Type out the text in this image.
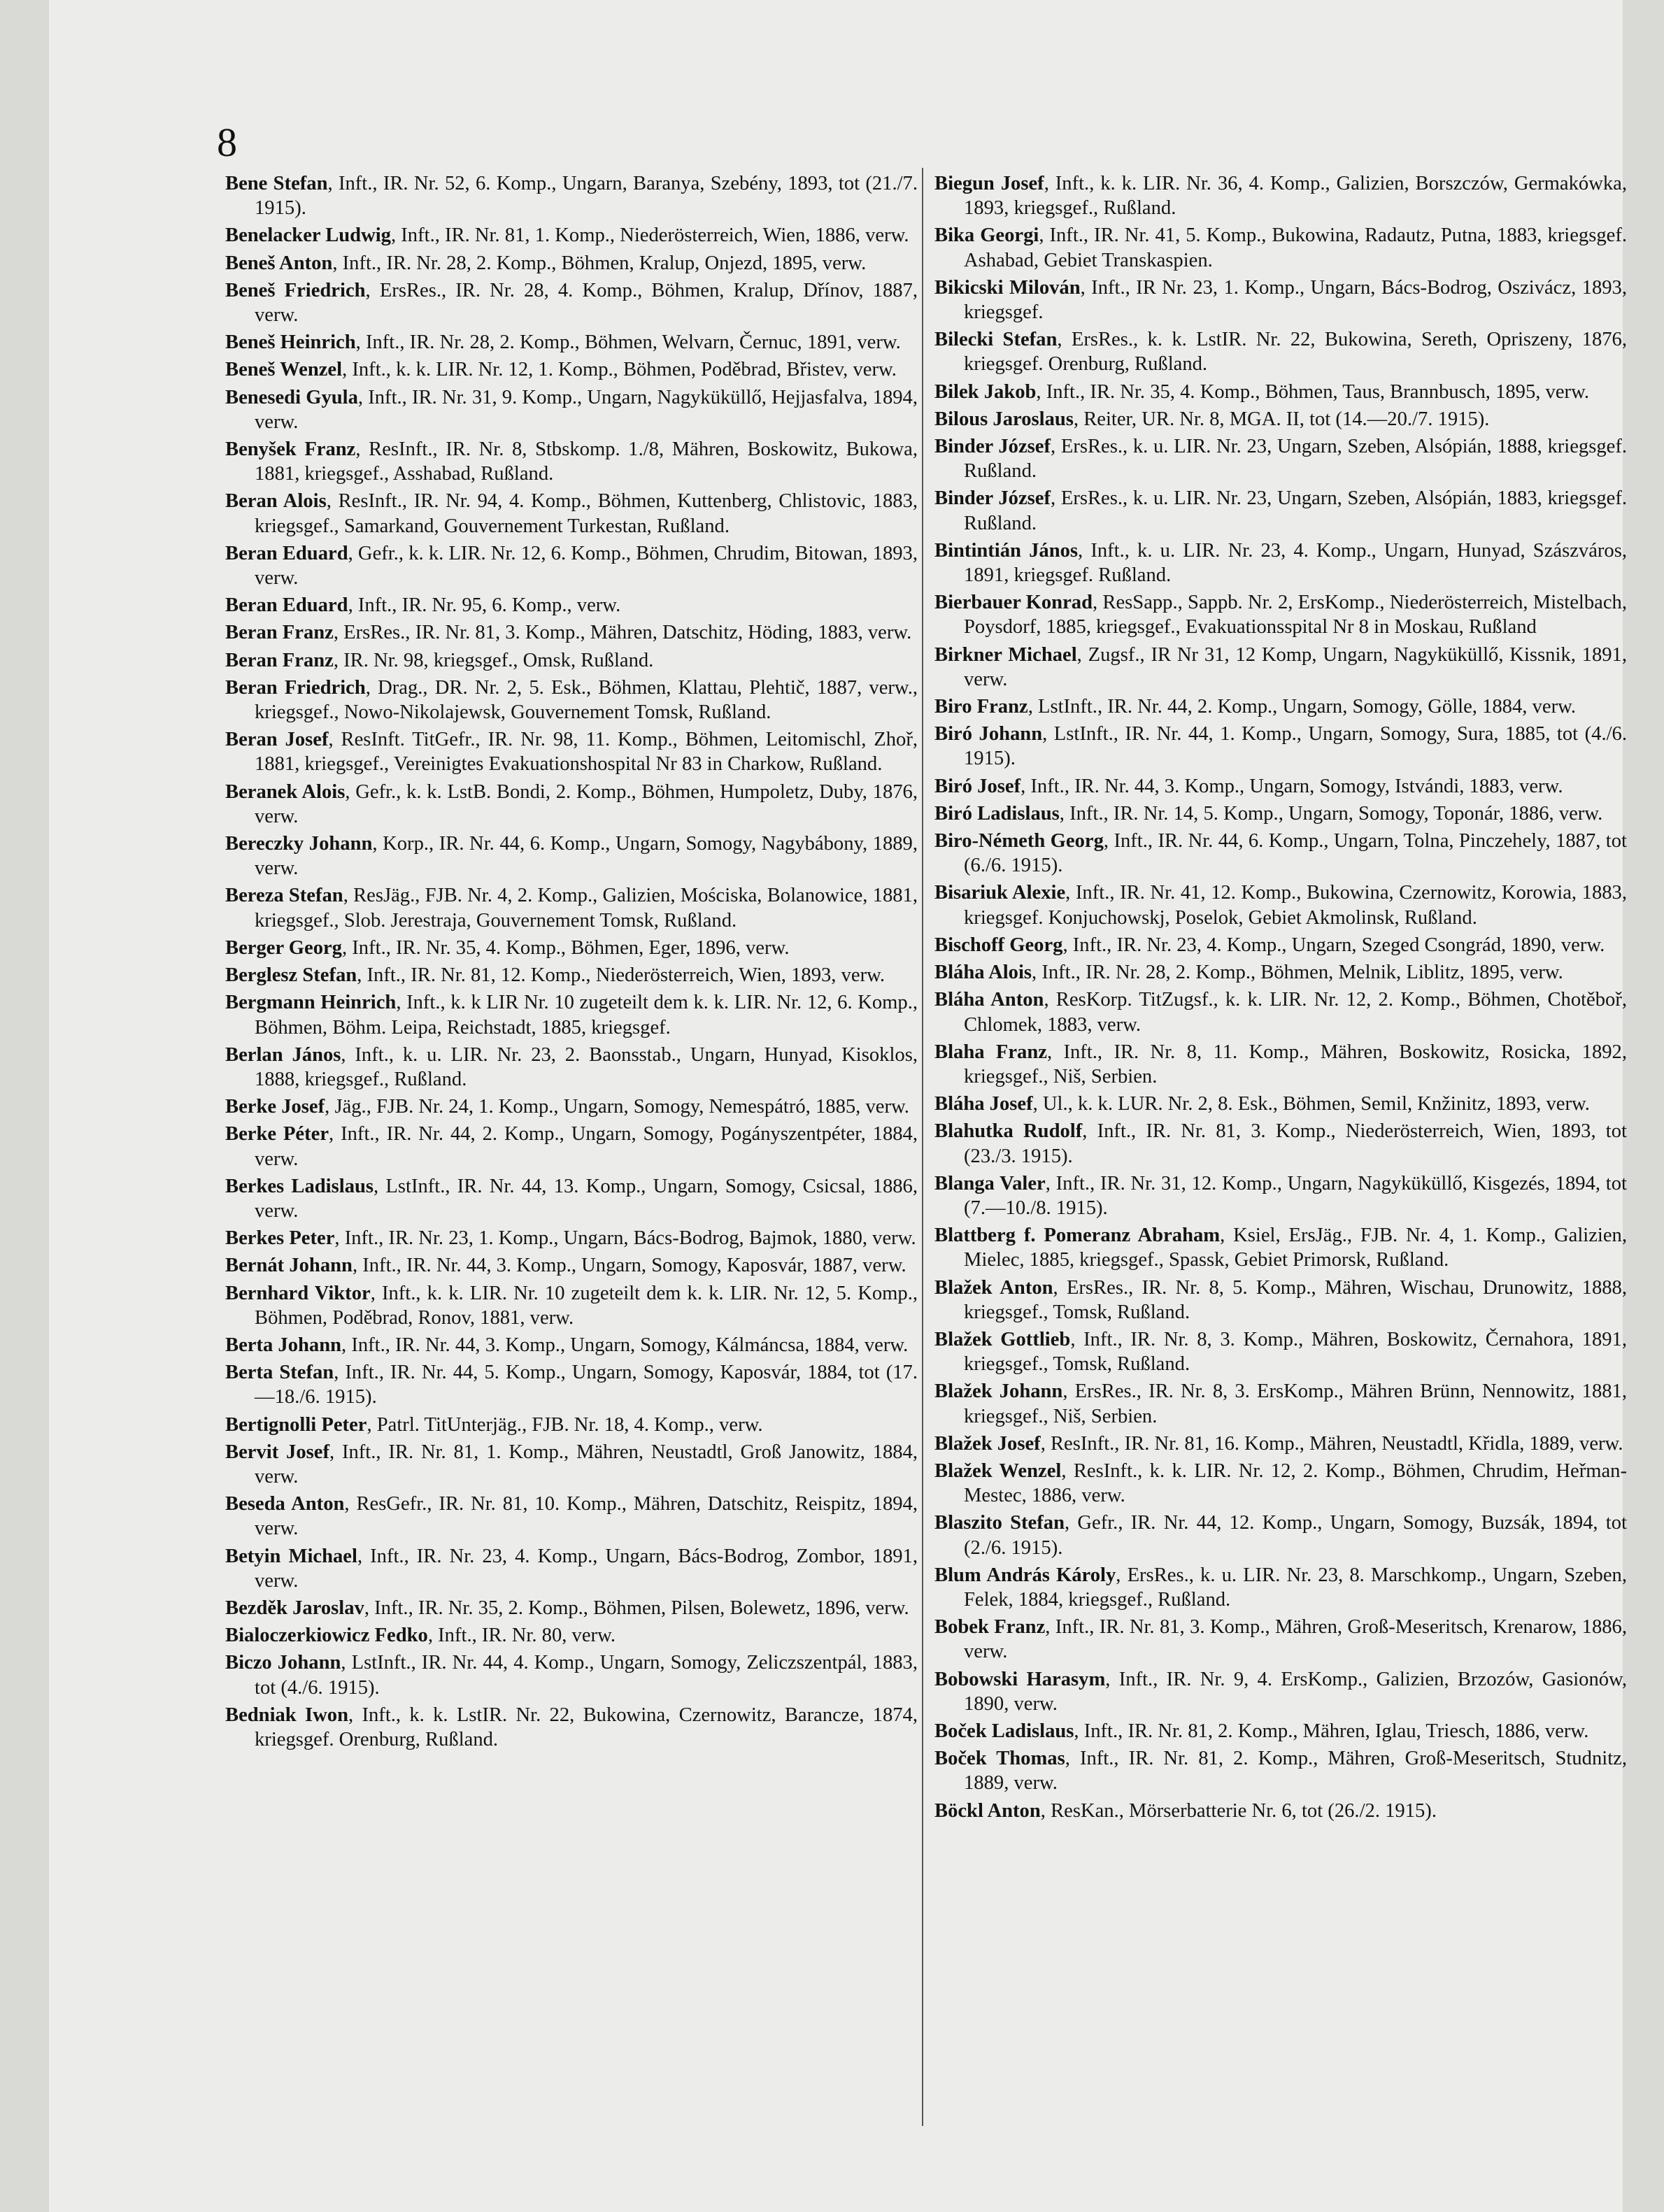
8
Bene Stefan, Inft., IR. Nr. 52, 6. Komp., Ungarn, Baranya, Szebény, 1893, tot (21./7. 1915).
Benelacker Ludwig, Inft., IR. Nr. 81, 1. Komp., Niederösterreich, Wien, 1886, verw.
Beneš Anton, Inft., IR. Nr. 28, 2. Komp., Böhmen, Kralup, Onjezd, 1895, verw.
Beneš Friedrich, ErsRes., IR. Nr. 28, 4. Komp., Böhmen, Kralup, Dřínov, 1887, verw.
Beneš Heinrich, Inft., IR. Nr. 28, 2. Komp., Böhmen, Welvarn, Černuc, 1891, verw.
Beneš Wenzel, Inft., k. k. LIR. Nr. 12, 1. Komp., Böhmen, Poděbrad, Břistev, verw.
Benesedi Gyula, Inft., IR. Nr. 31, 9. Komp., Ungarn, Nagyküküllő, Hejjasfalva, 1894, verw.
Benyšek Franz, ResInft., IR. Nr. 8, Stbskomp. 1./8, Mähren, Boskowitz, Bukowa, 1881, kriegsgef., Asshabad, Rußland.
Beran Alois, ResInft., IR. Nr. 94, 4. Komp., Böhmen, Kuttenberg, Chlistovic, 1883, kriegsgef., Samarkand, Gouvernement Turkestan, Rußland.
Beran Eduard, Gefr., k. k. LIR. Nr. 12, 6. Komp., Böhmen, Chrudim, Bitowan, 1893, verw.
Beran Eduard, Inft., IR. Nr. 95, 6. Komp., verw.
Beran Franz, ErsRes., IR. Nr. 81, 3. Komp., Mähren, Datschitz, Höding, 1883, verw.
Beran Franz, IR. Nr. 98, kriegsgef., Omsk, Rußland.
Beran Friedrich, Drag., DR. Nr. 2, 5. Esk., Böhmen, Klattau, Plehtič, 1887, verw., kriegsgef., Nowo-Nikolajewsk, Gouvernement Tomsk, Rußland.
Beran Josef, ResInft. TitGefr., IR. Nr. 98, 11. Komp., Böhmen, Leitomischl, Zhoř, 1881, kriegsgef., Vereinigtes Evakuationshospital Nr 83 in Charkow, Rußland.
Beranek Alois, Gefr., k. k. LstB. Bondi, 2. Komp., Böhmen, Humpoletz, Duby, 1876, verw.
Bereczky Johann, Korp., IR. Nr. 44, 6. Komp., Ungarn, Somogy, Nagybábony, 1889, verw.
Bereza Stefan, ResJäg., FJB. Nr. 4, 2. Komp., Galizien, Mościska, Bolanowice, 1881, kriegsgef., Slob. Jerestraja, Gouvernement Tomsk, Rußland.
Berger Georg, Inft., IR. Nr. 35, 4. Komp., Böhmen, Eger, 1896, verw.
Berglesz Stefan, Inft., IR. Nr. 81, 12. Komp., Niederösterreich, Wien, 1893, verw.
Bergmann Heinrich, Inft., k. k LIR Nr. 10 zugeteilt dem k. k. LIR. Nr. 12, 6. Komp., Böhmen, Böhm. Leipa, Reichstadt, 1885, kriegsgef.
Berlan János, Inft., k. u. LIR. Nr. 23, 2. Baonsstab., Ungarn, Hunyad, Kisoklos, 1888, kriegsgef., Rußland.
Berke Josef, Jäg., FJB. Nr. 24, 1. Komp., Ungarn, Somogy, Nemespátró, 1885, verw.
Berke Péter, Inft., IR. Nr. 44, 2. Komp., Ungarn, Somogy, Pogányszentpéter, 1884, verw.
Berkes Ladislaus, LstInft., IR. Nr. 44, 13. Komp., Ungarn, Somogy, Csicsal, 1886, verw.
Berkes Peter, Inft., IR. Nr. 23, 1. Komp., Ungarn, Bács-Bodrog, Bajmok, 1880, verw.
Bernát Johann, Inft., IR. Nr. 44, 3. Komp., Ungarn, Somogy, Kaposvár, 1887, verw.
Bernhard Viktor, Inft., k. k. LIR. Nr. 10 zugeteilt dem k. k. LIR. Nr. 12, 5. Komp., Böhmen, Poděbrad, Ronov, 1881, verw.
Berta Johann, Inft., IR. Nr. 44, 3. Komp., Ungarn, Somogy, Kálmáncsa, 1884, verw.
Berta Stefan, Inft., IR. Nr. 44, 5. Komp., Ungarn, Somogy, Kaposvár, 1884, tot (17.—18./6. 1915).
Bertignolli Peter, Patrl. TitUnterjäg., FJB. Nr. 18, 4. Komp., verw.
Bervit Josef, Inft., IR. Nr. 81, 1. Komp., Mähren, Neustadtl, Groß Janowitz, 1884, verw.
Beseda Anton, ResGefr., IR. Nr. 81, 10. Komp., Mähren, Datschitz, Reispitz, 1894, verw.
Betyin Michael, Inft., IR. Nr. 23, 4. Komp., Ungarn, Bács-Bodrog, Zombor, 1891, verw.
Bezděk Jaroslav, Inft., IR. Nr. 35, 2. Komp., Böhmen, Pilsen, Bolewetz, 1896, verw.
Bialoczerkiowicz Fedko, Inft., IR. Nr. 80, verw.
Biczo Johann, LstInft., IR. Nr. 44, 4. Komp., Ungarn, Somogy, Zeliczszentpál, 1883, tot (4./6. 1915).
Bedniak Iwon, Inft., k. k. LstIR. Nr. 22, Bukowina, Czernowitz, Barancze, 1874, kriegsgef. Orenburg, Rußland.
Biegun Josef, Inft., k. k. LIR. Nr. 36, 4. Komp., Galizien, Borszczów, Germakówka, 1893, kriegsgef., Rußland.
Bika Georgi, Inft., IR. Nr. 41, 5. Komp., Bukowina, Radautz, Putna, 1883, kriegsgef. Ashabad, Gebiet Transkaspien.
Bikicski Milován, Inft., IR Nr. 23, 1. Komp., Ungarn, Bács-Bodrog, Oszivácz, 1893, kriegsgef.
Bilecki Stefan, ErsRes., k. k. LstIR. Nr. 22, Bukowina, Sereth, Opriszeny, 1876, kriegsgef. Orenburg, Rußland.
Bilek Jakob, Inft., IR. Nr. 35, 4. Komp., Böhmen, Taus, Brannbusch, 1895, verw.
Bilous Jaroslaus, Reiter, UR. Nr. 8, MGA. II, tot (14.—20./7. 1915).
Binder József, ErsRes., k. u. LIR. Nr. 23, Ungarn, Szeben, Alsópián, 1888, kriegsgef. Rußland.
Binder József, ErsRes., k. u. LIR. Nr. 23, Ungarn, Szeben, Alsópián, 1883, kriegsgef. Rußland.
Bintintián János, Inft., k. u. LIR. Nr. 23, 4. Komp., Ungarn, Hunyad, Szászváros, 1891, kriegsgef. Rußland.
Bierbauer Konrad, ResSapp., Sappb. Nr. 2, ErsKomp., Niederösterreich, Mistelbach, Poysdorf, 1885, kriegsgef., Evakuationsspital Nr 8 in Moskau, Rußland
Birkner Michael, Zugsf., IR Nr 31, 12 Komp, Ungarn, Nagyküküllő, Kissnik, 1891, verw.
Biro Franz, LstInft., IR. Nr. 44, 2. Komp., Ungarn, Somogy, Gölle, 1884, verw.
Biró Johann, LstInft., IR. Nr. 44, 1. Komp., Ungarn, Somogy, Sura, 1885, tot (4./6. 1915).
Biró Josef, Inft., IR. Nr. 44, 3. Komp., Ungarn, Somogy, Istvándi, 1883, verw.
Biró Ladislaus, Inft., IR. Nr. 14, 5. Komp., Ungarn, Somogy, Toponár, 1886, verw.
Biro-Németh Georg, Inft., IR. Nr. 44, 6. Komp., Ungarn, Tolna, Pinczehely, 1887, tot (6./6. 1915).
Bisariuk Alexie, Inft., IR. Nr. 41, 12. Komp., Bukowina, Czernowitz, Korowia, 1883, kriegsgef. Konjuchowskj, Poselok, Gebiet Akmolinsk, Rußland.
Bischoff Georg, Inft., IR. Nr. 23, 4. Komp., Ungarn, Szeged Csongrád, 1890, verw.
Bláha Alois, Inft., IR. Nr. 28, 2. Komp., Böhmen, Melnik, Liblitz, 1895, verw.
Bláha Anton, ResKorp. TitZugsf., k. k. LIR. Nr. 12, 2. Komp., Böhmen, Chotěboř, Chlomek, 1883, verw.
Blaha Franz, Inft., IR. Nr. 8, 11. Komp., Mähren, Boskowitz, Rosicka, 1892, kriegsgef., Niš, Serbien.
Bláha Josef, Ul., k. k. LUR. Nr. 2, 8. Esk., Böhmen, Semil, Knžinitz, 1893, verw.
Blahutka Rudolf, Inft., IR. Nr. 81, 3. Komp., Niederösterreich, Wien, 1893, tot (23./3. 1915).
Blanga Valer, Inft., IR. Nr. 31, 12. Komp., Ungarn, Nagyküküllő, Kisgezés, 1894, tot (7.—10./8. 1915).
Blattberg f. Pomeranz Abraham, Ksiel, ErsJäg., FJB. Nr. 4, 1. Komp., Galizien, Mielec, 1885, kriegsgef., Spassk, Gebiet Primorsk, Rußland.
Blažek Anton, ErsRes., IR. Nr. 8, 5. Komp., Mähren, Wischau, Drunowitz, 1888, kriegsgef., Tomsk, Rußland.
Blažek Gottlieb, Inft., IR. Nr. 8, 3. Komp., Mähren, Boskowitz, Černahora, 1891, kriegsgef., Tomsk, Rußland.
Blažek Johann, ErsRes., IR. Nr. 8, 3. ErsKomp., Mähren Brünn, Nennowitz, 1881, kriegsgef., Niš, Serbien.
Blažek Josef, ResInft., IR. Nr. 81, 16. Komp., Mähren, Neustadtl, Křidla, 1889, verw.
Blažek Wenzel, ResInft., k. k. LIR. Nr. 12, 2. Komp., Böhmen, Chrudim, Heřman-Mestec, 1886, verw.
Blaszito Stefan, Gefr., IR. Nr. 44, 12. Komp., Ungarn, Somogy, Buzsák, 1894, tot (2./6. 1915).
Blum András Károly, ErsRes., k. u. LIR. Nr. 23, 8. Marschkomp., Ungarn, Szeben, Felek, 1884, kriegsgef., Rußland.
Bobek Franz, Inft., IR. Nr. 81, 3. Komp., Mähren, Groß-Meseritsch, Krenarow, 1886, verw.
Bobowski Harasym, Inft., IR. Nr. 9, 4. ErsKomp., Galizien, Brzozów, Gasionów, 1890, verw.
Boček Ladislaus, Inft., IR. Nr. 81, 2. Komp., Mähren, Iglau, Triesch, 1886, verw.
Boček Thomas, Inft., IR. Nr. 81, 2. Komp., Mähren, Groß-Meseritsch, Studnitz, 1889, verw.
Böckl Anton, ResKan., Mörserbatterie Nr. 6, tot (26./2. 1915).
